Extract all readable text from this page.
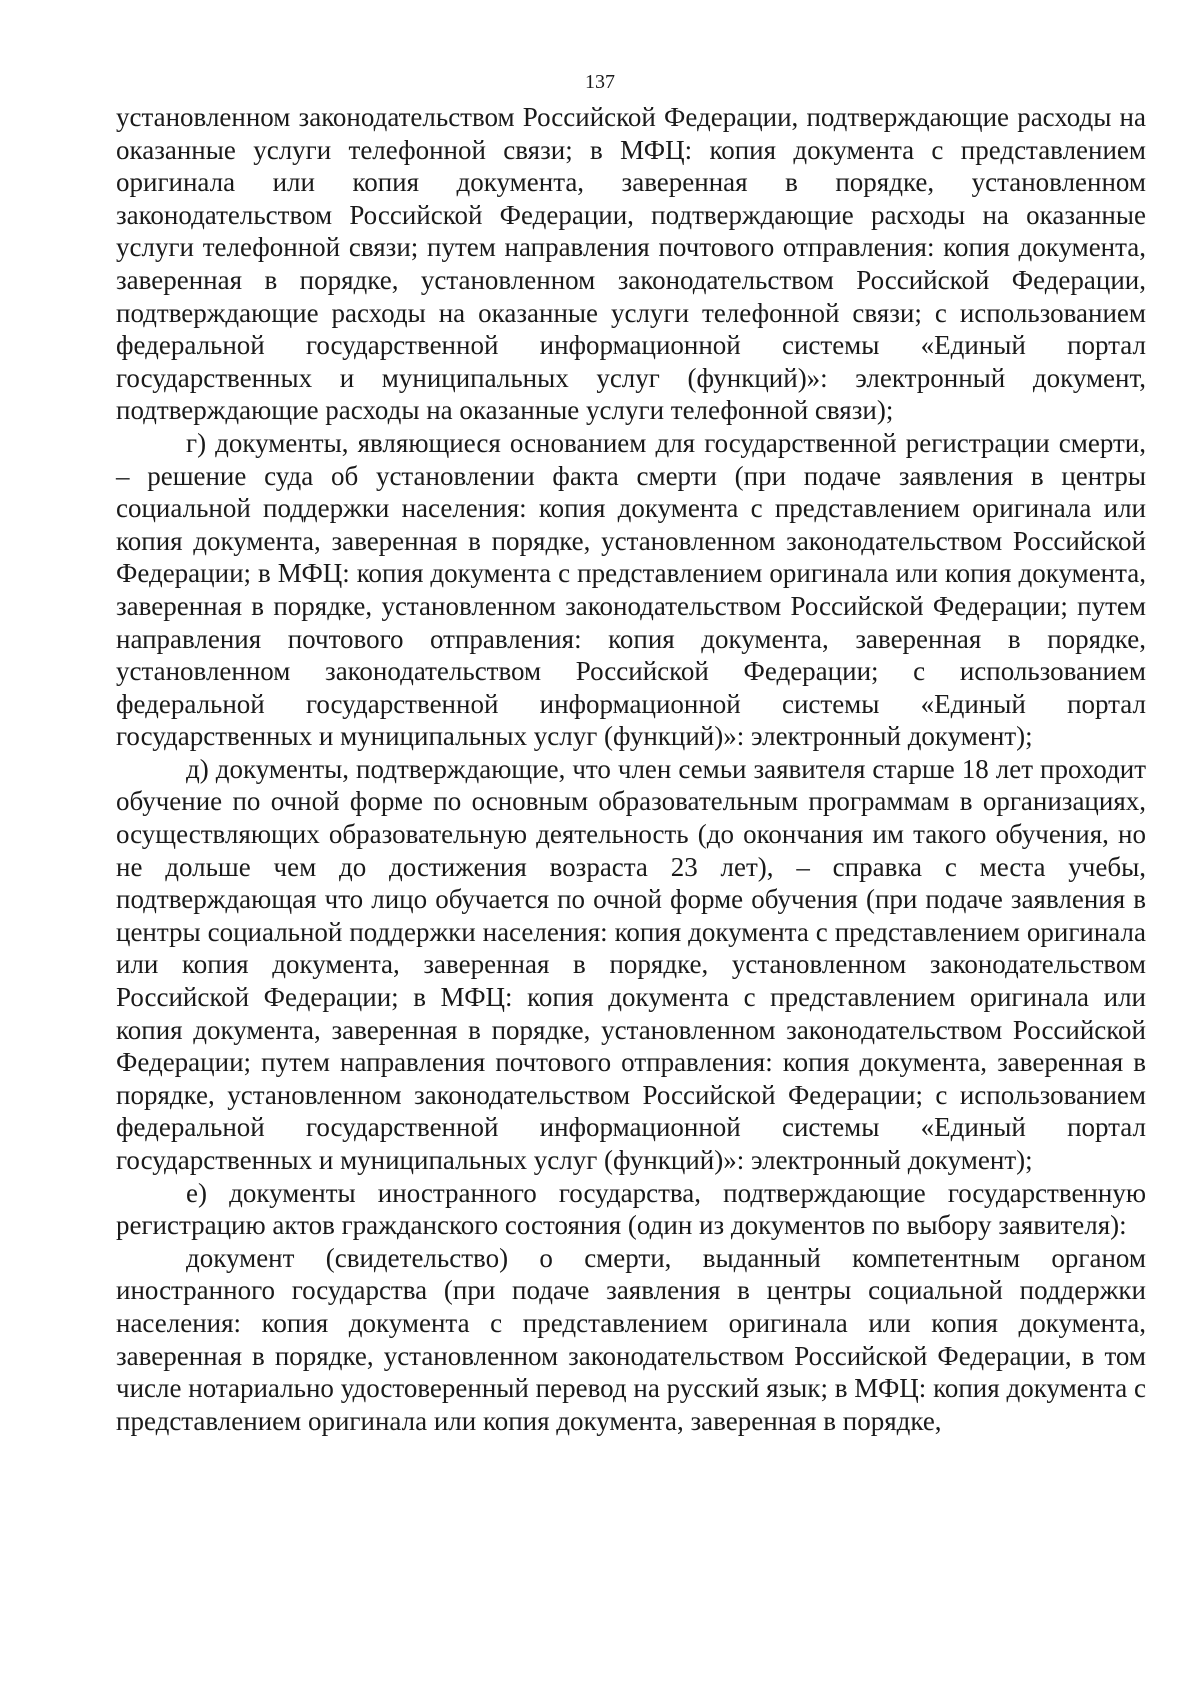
137

установленном законодательством Российской Федерации, подтверждающие расходы на оказанные услуги телефонной связи; в МФЦ: копия документа с представлением оригинала или копия документа, заверенная в порядке, установленном законодательством Российской Федерации, подтверждающие расходы на оказанные услуги телефонной связи; путем направления почтового отправления: копия документа, заверенная в порядке, установленном законодательством Российской Федерации, подтверждающие расходы на оказанные услуги телефонной связи; с использованием федеральной государственной информационной системы «Единый портал государственных и муниципальных услуг (функций)»: электронный документ, подтверждающие расходы на оказанные услуги телефонной связи);

г) документы, являющиеся основанием для государственной регистрации смерти, – решение суда об установлении факта смерти (при подаче заявления в центры социальной поддержки населения: копия документа с представлением оригинала или копия документа, заверенная в порядке, установленном законодательством Российской Федерации; в МФЦ: копия документа с представлением оригинала или копия документа, заверенная в порядке, установленном законодательством Российской Федерации; путем направления почтового отправления: копия документа, заверенная в порядке, установленном законодательством Российской Федерации; с использованием федеральной государственной информационной системы «Единый портал государственных и муниципальных услуг (функций)»: электронный документ);

д) документы, подтверждающие, что член семьи заявителя старше 18 лет проходит обучение по очной форме по основным образовательным программам в организациях, осуществляющих образовательную деятельность (до окончания им такого обучения, но не дольше чем до достижения возраста 23 лет), – справка с места учебы, подтверждающая что лицо обучается по очной форме обучения (при подаче заявления в центры социальной поддержки населения: копия документа с представлением оригинала или копия документа, заверенная в порядке, установленном законодательством Российской Федерации; в МФЦ: копия документа с представлением оригинала или копия документа, заверенная в порядке, установленном законодательством Российской Федерации; путем направления почтового отправления: копия документа, заверенная в порядке, установленном законодательством Российской Федерации; с использованием федеральной государственной информационной системы «Единый портал государственных и муниципальных услуг (функций)»: электронный документ);

е) документы иностранного государства, подтверждающие государственную регистрацию актов гражданского состояния (один из документов по выбору заявителя):

документ (свидетельство) о смерти, выданный компетентным органом иностранного государства (при подаче заявления в центры социальной поддержки населения: копия документа с представлением оригинала или копия документа, заверенная в порядке, установленном законодательством Российской Федерации, в том числе нотариально удостоверенный перевод на русский язык; в МФЦ: копия документа с представлением оригинала или копия документа, заверенная в порядке,
